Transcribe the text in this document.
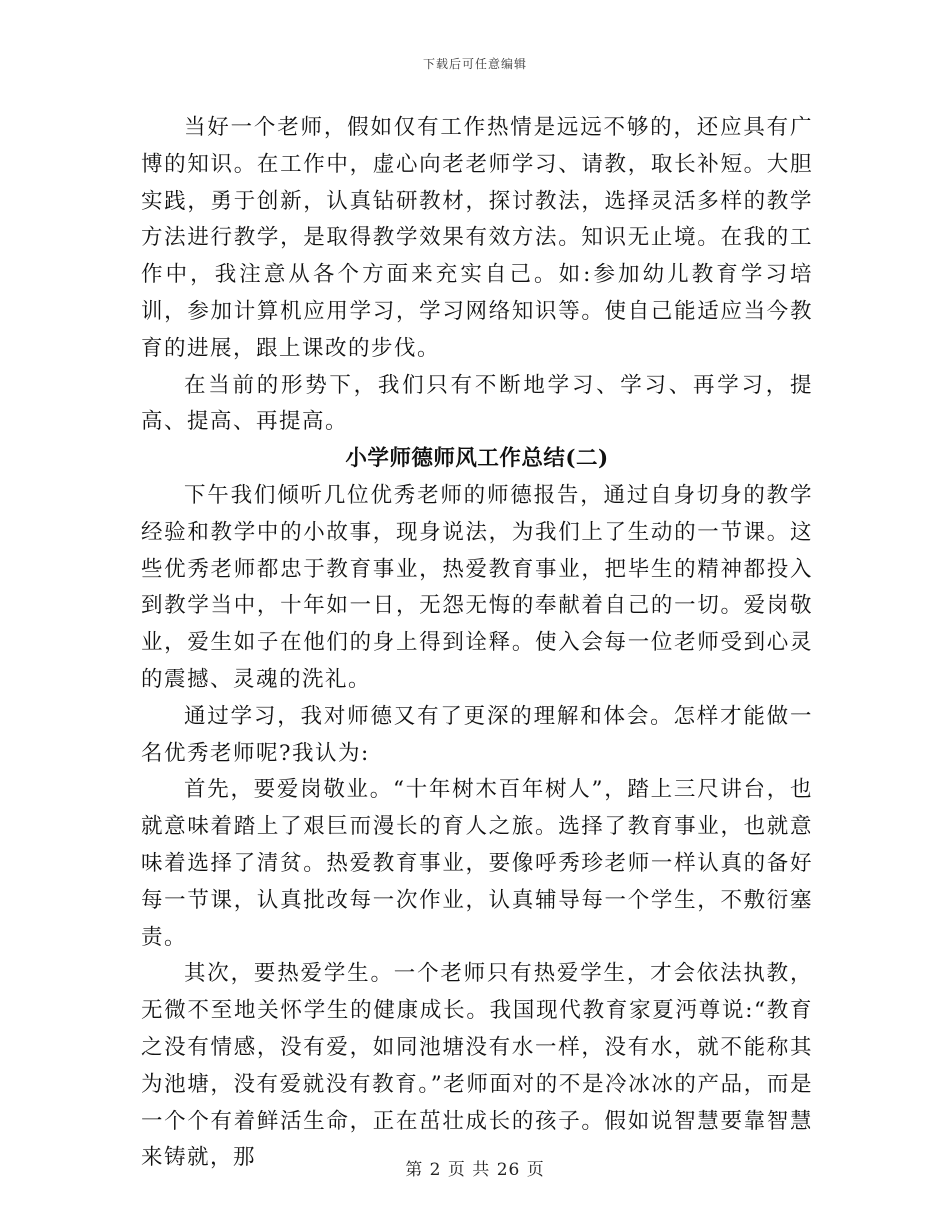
下载后可任意编辑

当好一个老师，假如仅有工作热情是远远不够的，还应具有广博的知识。在工作中，虚心向老老师学习、请教，取长补短。大胆实践，勇于创新，认真钻研教材，探讨教法，选择灵活多样的教学方法进行教学，是取得教学效果有效方法。知识无止境。在我的工作中，我注意从各个方面来充实自己。如:参加幼儿教育学习培训，参加计算机应用学习，学习网络知识等。使自己能适应当今教育的进展，跟上课改的步伐。

在当前的形势下，我们只有不断地学习、学习、再学习，提高、提高、再提高。

小学师德师风工作总结(二)

下午我们倾听几位优秀老师的师德报告，通过自身切身的教学经验和教学中的小故事，现身说法，为我们上了生动的一节课。这些优秀老师都忠于教育事业，热爱教育事业，把毕生的精神都投入到教学当中，十年如一日，无怨无悔的奉献着自己的一切。爱岗敬业，爱生如子在他们的身上得到诠释。使入会每一位老师受到心灵的震撼、灵魂的洗礼。

通过学习，我对师德又有了更深的理解和体会。怎样才能做一名优秀老师呢?我认为:

首先，要爱岗敬业。“十年树木百年树人”，踏上三尺讲台，也就意味着踏上了艰巨而漫长的育人之旅。选择了教育事业，也就意味着选择了清贫。热爱教育事业，要像呼秀珍老师一样认真的备好每一节课，认真批改每一次作业，认真辅导每一个学生，不敷衍塞责。

其次，要热爱学生。一个老师只有热爱学生，才会依法执教，无微不至地关怀学生的健康成长。我国现代教育家夏沔尊说:“教育之没有情感，没有爱，如同池塘没有水一样，没有水，就不能称其为池塘，没有爱就没有教育。”老师面对的不是冷冰冰的产品，而是一个个有着鲜活生命，正在茁壮成长的孩子。假如说智慧要靠智慧来铸就，那	第 2 页 共 26 页
